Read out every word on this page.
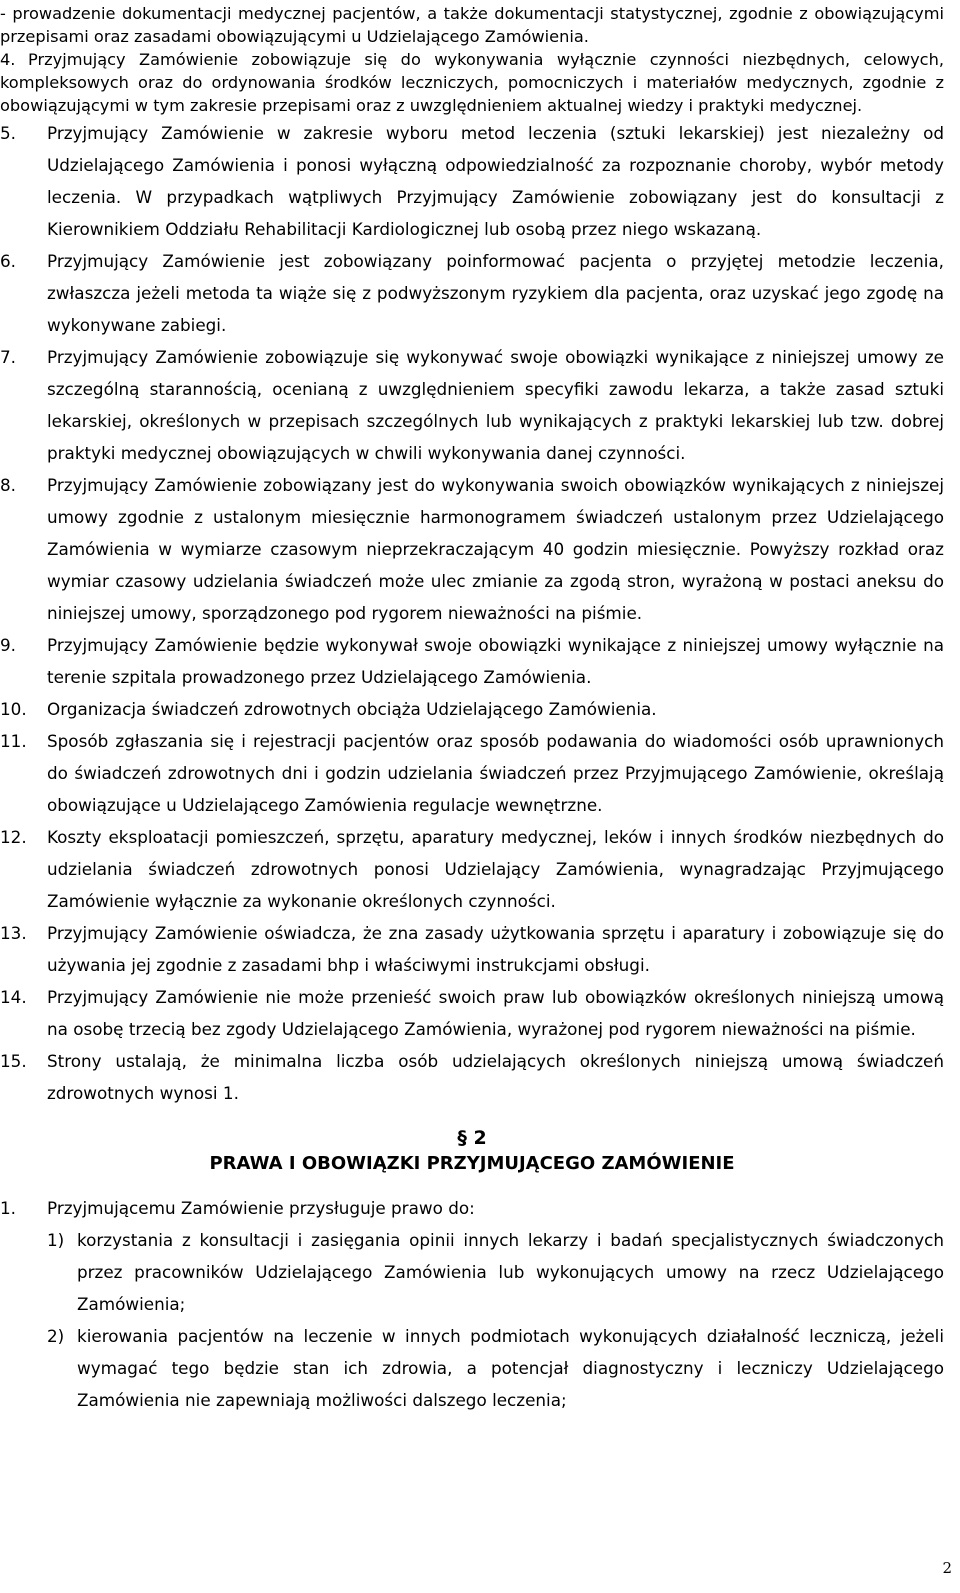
- prowadzenie dokumentacji medycznej pacjentów, a także dokumentacji statystycznej, zgodnie z obowiązującymi przepisami oraz zasadami obowiązującymi u Udzielającego Zamówienia.
4. Przyjmujący Zamówienie zobowiązuje się do wykonywania wyłącznie czynności niezbędnych, celowych, kompleksowych oraz do ordynowania środków leczniczych, pomocniczych i materiałów medycznych, zgodnie z obowiązującymi w tym zakresie przepisami oraz z uwzględnieniem aktualnej wiedzy i praktyki medycznej.
5. Przyjmujący Zamówienie w zakresie wyboru metod leczenia (sztuki lekarskiej) jest niezależny od Udzielającego Zamówienia i ponosi wyłączną odpowiedzialność za rozpoznanie choroby, wybór metody leczenia. W przypadkach wątpliwych Przyjmujący Zamówienie zobowiązany jest do konsultacji z Kierownikiem Oddziału Rehabilitacji Kardiologicznej lub osobą przez niego wskazaną.
6. Przyjmujący Zamówienie jest zobowiązany poinformować pacjenta o przyjętej metodzie leczenia, zwłaszcza jeżeli metoda ta wiąże się z podwyższonym ryzykiem dla pacjenta, oraz uzyskać jego zgodę na wykonywane zabiegi.
7. Przyjmujący Zamówienie zobowiązuje się wykonywać swoje obowiązki wynikające z niniejszej umowy ze szczególną starannością, ocenianą z uwzględnieniem specyfiki zawodu lekarza, a także zasad sztuki lekarskiej, określonych w przepisach szczególnych lub wynikających z praktyki lekarskiej lub tzw. dobrej praktyki medycznej obowiązujących w chwili wykonywania danej czynności.
8. Przyjmujący Zamówienie zobowiązany jest do wykonywania swoich obowiązków wynikających z niniejszej umowy zgodnie z ustalonym miesięcznie harmonogramem świadczeń ustalonym przez Udzielającego Zamówienia w wymiarze czasowym nieprzekraczającym 40 godzin miesięcznie. Powyższy rozkład oraz wymiar czasowy udzielania świadczeń może ulec zmianie za zgodą stron, wyrażoną w postaci aneksu do niniejszej umowy, sporządzonego pod rygorem nieważności na piśmie.
9. Przyjmujący Zamówienie będzie wykonywał swoje obowiązki wynikające z niniejszej umowy wyłącznie na terenie szpitala prowadzonego przez Udzielającego Zamówienia.
10. Organizacja świadczeń zdrowotnych obciąża Udzielającego Zamówienia.
11. Sposób zgłaszania się i rejestracji pacjentów oraz sposób podawania do wiadomości osób uprawnionych do świadczeń zdrowotnych dni i godzin udzielania świadczeń przez Przyjmującego Zamówienie, określają obowiązujące u Udzielającego Zamówienia regulacje wewnętrzne.
12. Koszty eksploatacji pomieszczeń, sprzętu, aparatury medycznej, leków i innych środków niezbędnych do udzielania świadczeń zdrowotnych ponosi Udzielający Zamówienia, wynagradzając Przyjmującego Zamówienie wyłącznie za wykonanie określonych czynności.
13. Przyjmujący Zamówienie oświadcza, że zna zasady użytkowania sprzętu i aparatury i zobowiązuje się do używania jej zgodnie z zasadami bhp i właściwymi instrukcjami obsługi.
14. Przyjmujący Zamówienie nie może przenieść swoich praw lub obowiązków określonych niniejszą umową na osobę trzecią bez zgody Udzielającego Zamówienia, wyrażonej pod rygorem nieważności na piśmie.
15. Strony ustalają, że minimalna liczba osób udzielających określonych niniejszą umową świadczeń zdrowotnych wynosi 1.
§ 2
PRAWA I OBOWIĄZKI PRZYJMUJĄCEGO ZAMÓWIENIE
1. Przyjmującemu Zamówienie przysługuje prawo do:
1) korzystania z konsultacji i zasięgania opinii innych lekarzy i badań specjalistycznych świadczonych przez pracowników Udzielającego Zamówienia lub wykonujących umowy na rzecz Udzielającego Zamówienia;
2) kierowania pacjentów na leczenie w innych podmiotach wykonujących działalność leczniczą, jeżeli wymagać tego będzie stan ich zdrowia, a potencjał diagnostyczny i leczniczy Udzielającego Zamówienia nie zapewniają możliwości dalszego leczenia;
2
